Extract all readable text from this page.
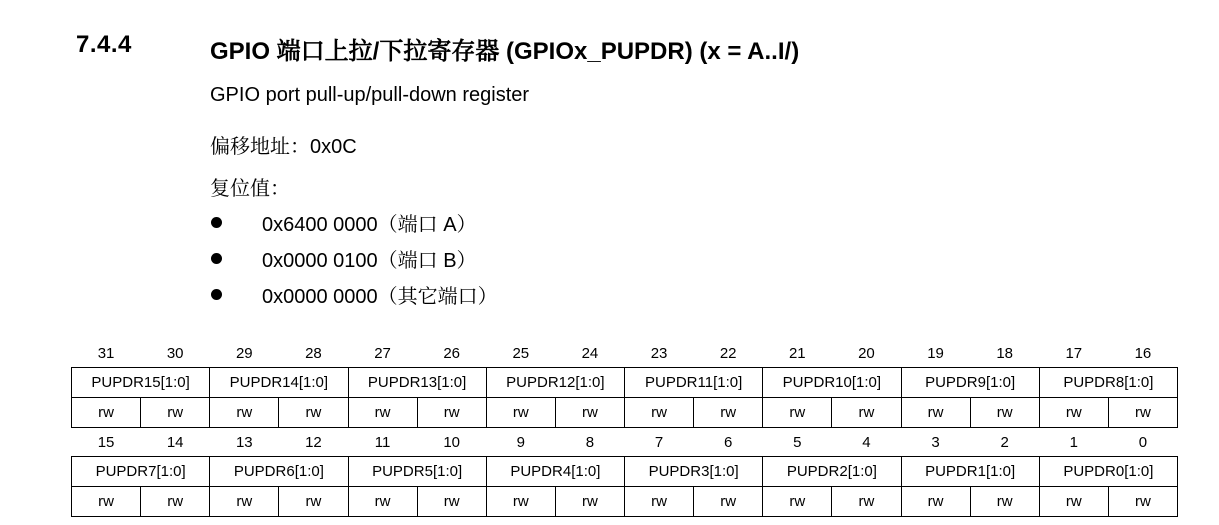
7.4.4	GPIO 端口上拉/下拉寄存器 (GPIOx_PUPDR) (x = A..I/)
GPIO port pull-up/pull-down register
偏移地址：0x0C
复位值：
0x6400 0000（端口 A）
0x0000 0100（端口 B）
0x0000 0000（其它端口）
31	30	29	28	27	26	25	24	23	22	21	20	19	18	17	16
PUPDR15[1:0]		PUPDR14[1:0]		PUPDR13[1:0]		PUPDR12[1:0]		PUPDR11[1:0]		PUPDR10[1:0]		PUPDR9[1:0]		PUPDR8[1:0]	
rw	rw	rw	rw	rw	rw	rw	rw	rw	rw	rw	rw	rw	rw	rw	rw
15	14	13	12	11	10	9	8	7	6	5	4	3	2	1	0
PUPDR7[1:0]		PUPDR6[1:0]		PUPDR5[1:0]		PUPDR4[1:0]		PUPDR3[1:0]		PUPDR2[1:0]		PUPDR1[1:0]		PUPDR0[1:0]	
rw	rw	rw	rw	rw	rw	rw	rw	rw	rw	rw	rw	rw	rw	rw	rw
